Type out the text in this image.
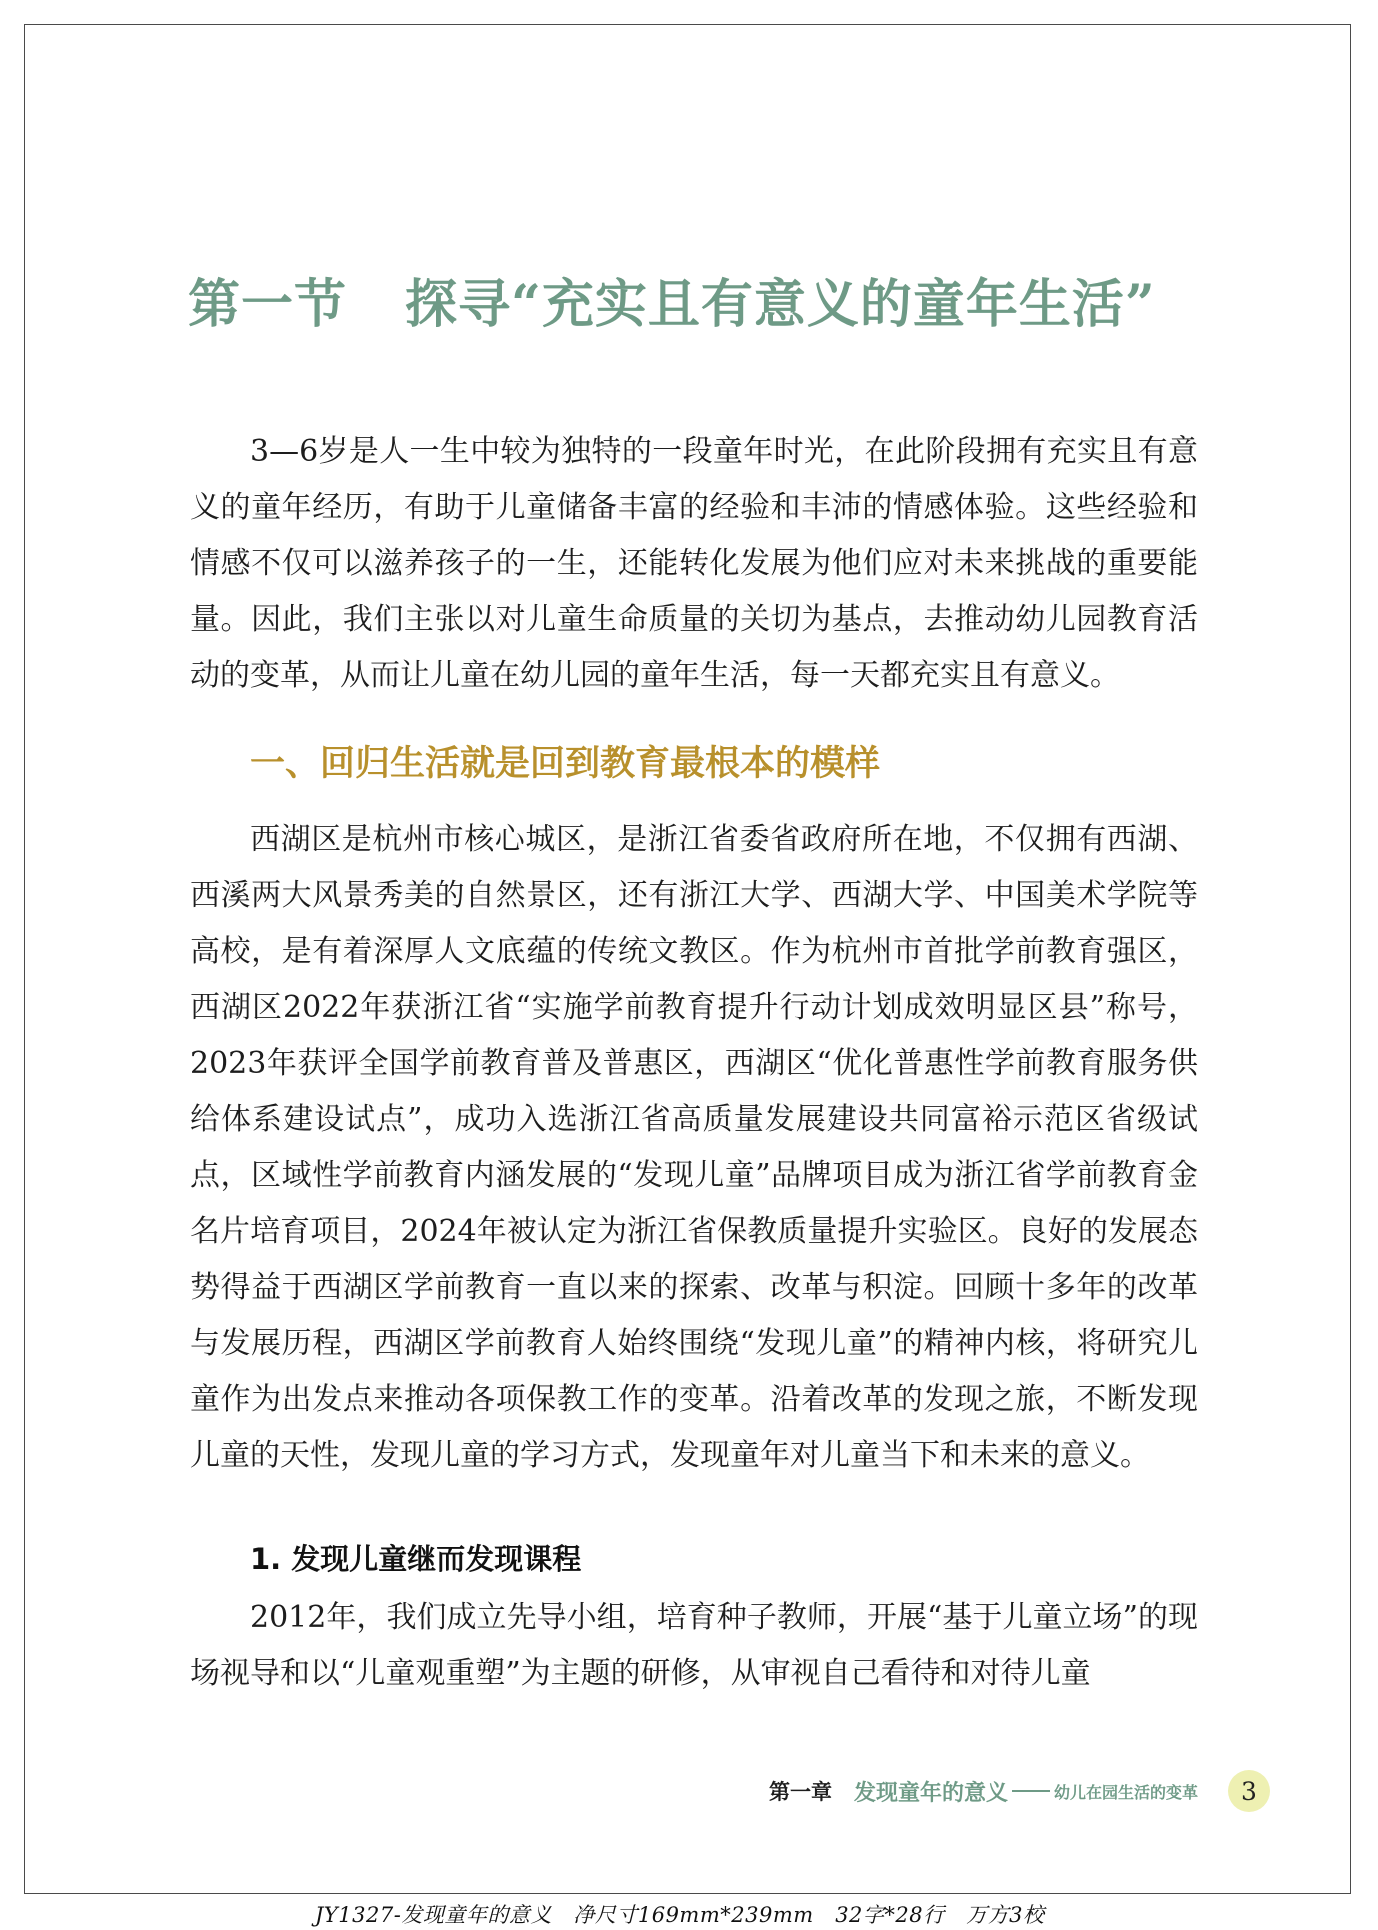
第一节 探寻“充实且有意义的童年生活”

3—6岁是人一生中较为独特的一段童年时光，在此阶段拥有充实且有意义的童年经历，有助于儿童储备丰富的经验和丰沛的情感体验。这些经验和情感不仅可以滋养孩子的一生，还能转化发展为他们应对未来挑战的重要能量。因此，我们主张以对儿童生命质量的关切为基点，去推动幼儿园教育活动的变革，从而让儿童在幼儿园的童年生活，每一天都充实且有意义。

一、回归生活就是回到教育最根本的模样

西湖区是杭州市核心城区，是浙江省委省政府所在地，不仅拥有西湖、西溪两大风景秀美的自然景区，还有浙江大学、西湖大学、中国美术学院等高校，是有着深厚人文底蕴的传统文教区。作为杭州市首批学前教育强区，西湖区2022年获浙江省“实施学前教育提升行动计划成效明显区县”称号，2023年获评全国学前教育普及普惠区，西湖区“优化普惠性学前教育服务供给体系建设试点”，成功入选浙江省高质量发展建设共同富裕示范区省级试点，区域性学前教育内涵发展的“发现儿童”品牌项目成为浙江省学前教育金名片培育项目，2024年被认定为浙江省保教质量提升实验区。良好的发展态势得益于西湖区学前教育一直以来的探索、改革与积淀。回顾十多年的改革与发展历程，西湖区学前教育人始终围绕“发现儿童”的精神内核，将研究儿童作为出发点来推动各项保教工作的变革。沿着改革的发现之旅，不断发现儿童的天性，发现儿童的学习方式，发现童年对儿童当下和未来的意义。

1. 发现儿童继而发现课程

2012年，我们成立先导小组，培育种子教师，开展“基于儿童立场”的现场视导和以“儿童观重塑”为主题的研修，从审视自己看待和对待儿童

第一章 发现童年的意义	幼儿在园生活的变革 3
JY1327-发现童年的意义   净尺寸169mm*239mm   32字*28行   万方3校
